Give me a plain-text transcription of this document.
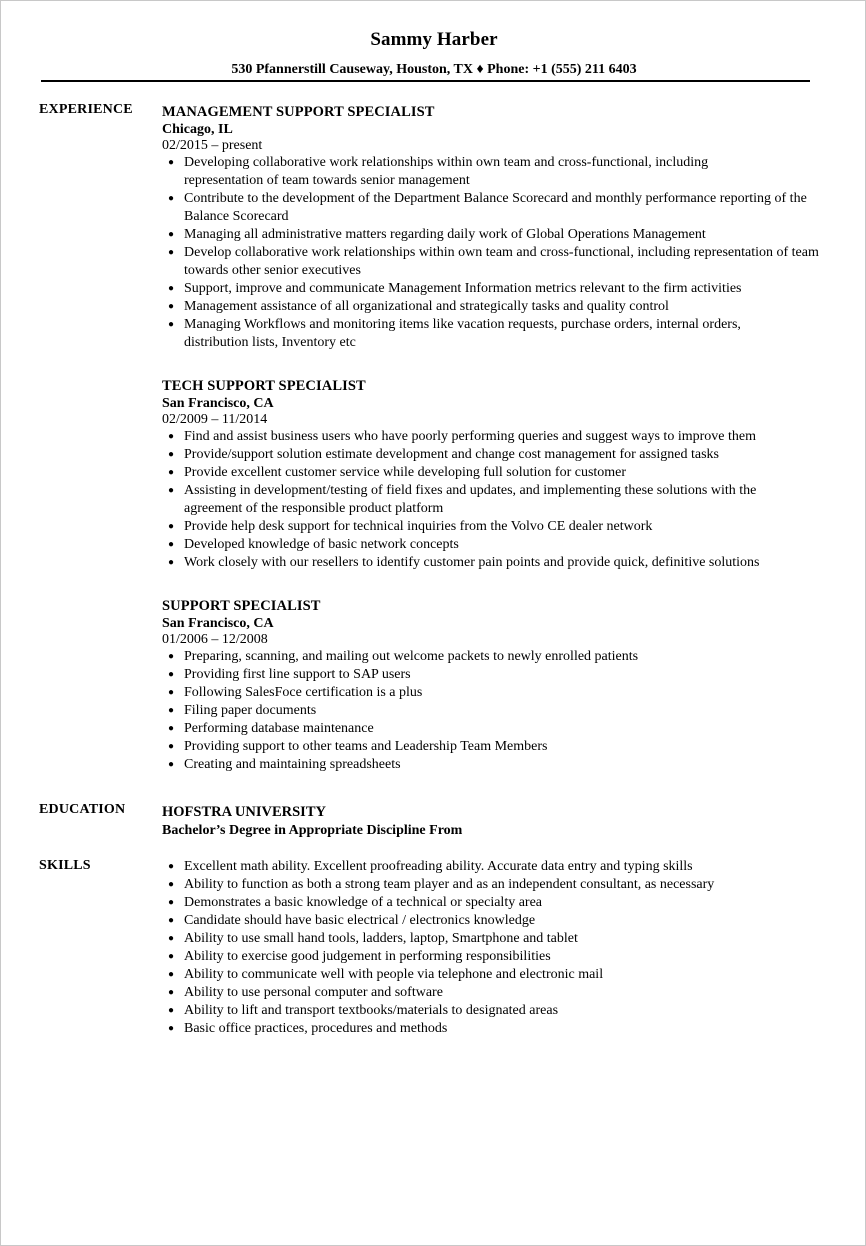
Sammy Harber
530 Pfannerstill Causeway, Houston, TX ♦ Phone: +1 (555) 211 6403
EXPERIENCE MANAGEMENT SUPPORT SPECIALIST
Chicago, IL
02/2015 – present
● Developing collaborative work relationships within own team and cross-functional, including representation of team towards senior management
● Contribute to the development of the Department Balance Scorecard and monthly performance reporting of the Balance Scorecard
● Managing all administrative matters regarding daily work of Global Operations Management
● Develop collaborative work relationships within own team and cross-functional, including representation of team towards other senior executives
● Support, improve and communicate Management Information metrics relevant to the firm activities
● Management assistance of all organizational and strategically tasks and quality control
● Managing Workflows and monitoring items like vacation requests, purchase orders, internal orders, distribution lists, Inventory etc
TECH SUPPORT SPECIALIST
San Francisco, CA
02/2009 – 11/2014
● Find and assist business users who have poorly performing queries and suggest ways to improve them
● Provide/support solution estimate development and change cost management for assigned tasks
● Provide excellent customer service while developing full solution for customer
● Assisting in development/testing of field fixes and updates, and implementing these solutions with the agreement of the responsible product platform
● Provide help desk support for technical inquiries from the Volvo CE dealer network
● Developed knowledge of basic network concepts
● Work closely with our resellers to identify customer pain points and provide quick, definitive solutions
SUPPORT SPECIALIST
San Francisco, CA
01/2006 – 12/2008
● Preparing, scanning, and mailing out welcome packets to newly enrolled patients
● Providing first line support to SAP users
● Following SalesFoce certification is a plus
● Filing paper documents
● Performing database maintenance
● Providing support to other teams and Leadership Team Members
● Creating and maintaining spreadsheets
EDUCATION	HOFSTRA UNIVERSITY
Bachelor’s Degree in Appropriate Discipline From
SKILLS	● Excellent math ability. Excellent proofreading ability. Accurate data entry and typing skills
● Ability to function as both a strong team player and as an independent consultant, as necessary
● Demonstrates a basic knowledge of a technical or specialty area
● Candidate should have basic electrical / electronics knowledge
● Ability to use small hand tools, ladders, laptop, Smartphone and tablet
● Ability to exercise good judgement in performing responsibilities
● Ability to communicate well with people via telephone and electronic mail
● Ability to use personal computer and software
● Ability to lift and transport textbooks/materials to designated areas
● Basic office practices, procedures and methods
